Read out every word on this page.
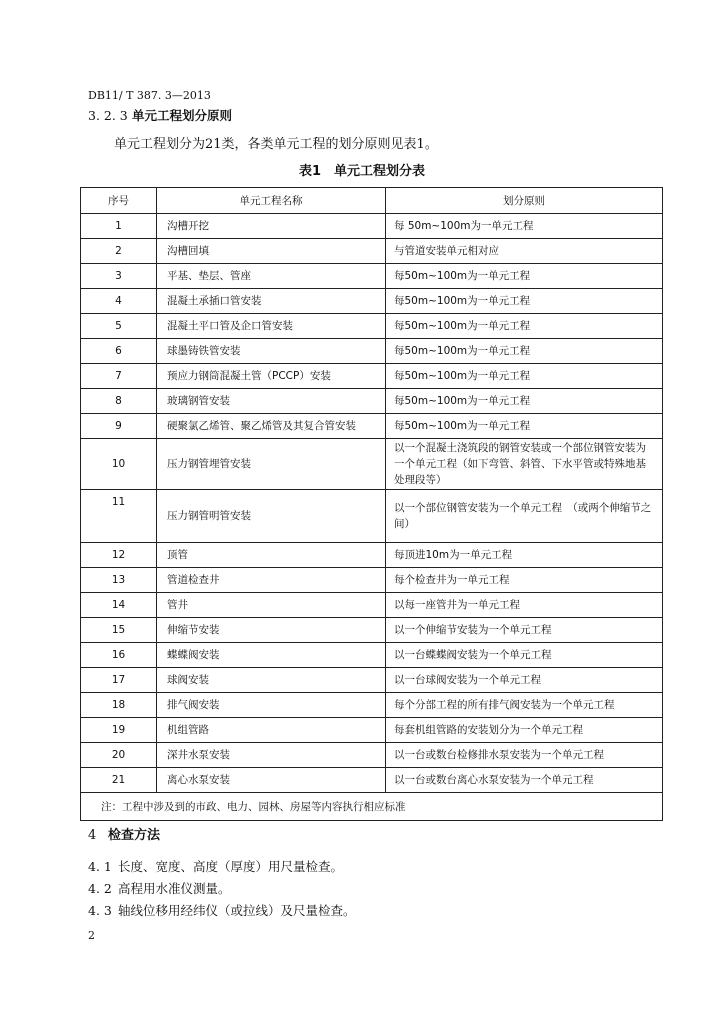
DB11/ T 387. 3—2013
3. 2. 3 单元工程划分原则
单元工程划分为21类，各类单元工程的划分原则见表1。
表1　单元工程划分表
序号	单元工程名称	划分原则
1	沟槽开挖	每 50m~100m为一单元工程
2	沟槽回填	与管道安装单元相对应
3	平基、垫层、管座	每50m~100m为一单元工程
4	混凝土承插口管安装	每50m~100m为一单元工程
5	混凝土平口管及企口管安装	每50m~100m为一单元工程
6	球墨铸铁管安装	每50m~100m为一单元工程
7	预应力钢筒混凝土管（PCCP）安装	每50m~100m为一单元工程
8	玻璃钢管安装	每50m~100m为一单元工程
9	硬聚氯乙烯管、聚乙烯管及其复合管安装	每50m~100m为一单元工程
10	压力钢管埋管安装	以一个混凝土浇筑段的钢管安装或一个部位钢管安装为一个单元工程（如下弯管、斜管、下水平管或特殊地基处理段等）
11	压力钢管明管安装	以一个部位钢管安装为一个单元工程　（或两个伸缩节之间）
12	顶管	每顶进10m为一单元工程
13	管道检查井	每个检查井为一单元工程
14	管井	以每一座管井为一单元工程
15	伸缩节安装	以一个伸缩节安装为一个单元工程
16	蝶蝶阀安装	以一台蝶蝶阀安装为一个单元工程
17	球阀安装	以一台球阀安装为一个单元工程
18	排气阀安装	每个分部工程的所有排气阀安装为一个单元工程
19	机组管路	每套机组管路的安装划分为一个单元工程
20	深井水泵安装	以一台或数台检修排水泵安装为一个单元工程
21	离心水泵安装	以一台或数台离心水泵安装为一个单元工程
注：工程中涉及到的市政、电力、园林、房屋等内容执行相应标准		
4 检查方法
4. 1 长度、宽度、高度（厚度）用尺量检查。
4. 2 高程用水准仪测量。
4. 3 轴线位移用经纬仪（或拉线）及尺量检查。
2
